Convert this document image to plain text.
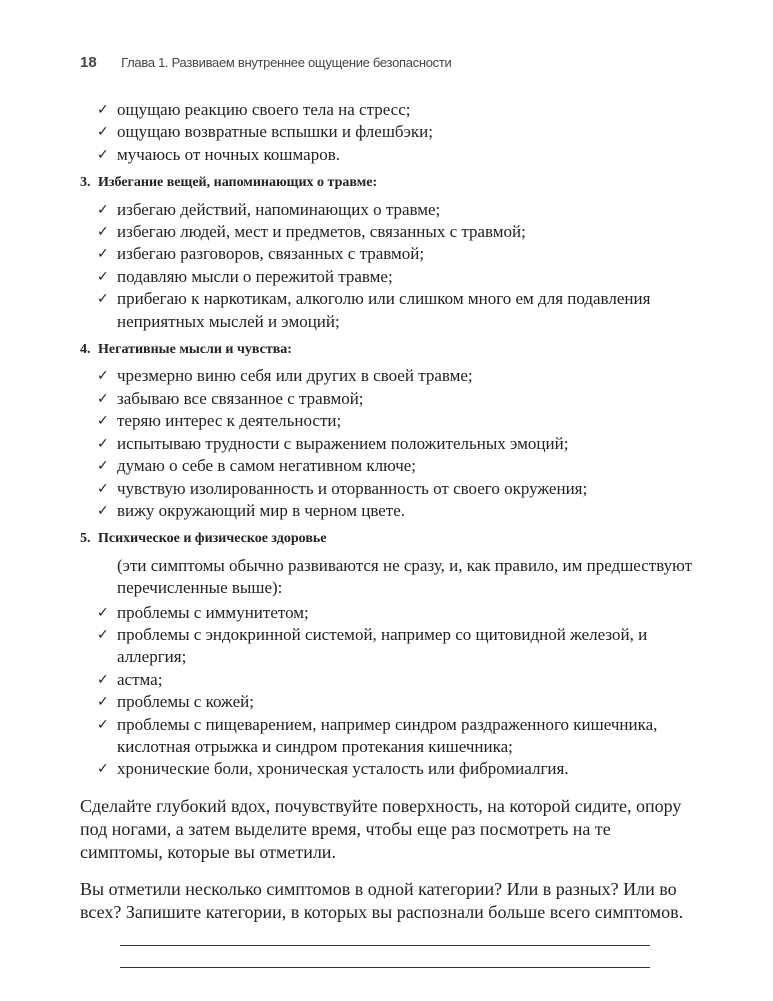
18 Глава 1. Развиваем внутреннее ощущение безопасности
✓ ощущаю реакцию своего тела на стресс;
✓ ощущаю возвратные вспышки и флешбэки;
✓ мучаюсь от ночных кошмаров.
3. Избегание вещей, напоминающих о травме:
✓ избегаю действий, напоминающих о травме;
✓ избегаю людей, мест и предметов, связанных с травмой;
✓ избегаю разговоров, связанных с травмой;
✓ подавляю мысли о пережитой травме;
✓ прибегаю к наркотикам, алкоголю или слишком много ем для подавления неприятных мыслей и эмоций;
4. Негативные мысли и чувства:
✓ чрезмерно виню себя или других в своей травме;
✓ забываю все связанное с травмой;
✓ теряю интерес к деятельности;
✓ испытываю трудности с выражением положительных эмоций;
✓ думаю о себе в самом негативном ключе;
✓ чувствую изолированность и оторванность от своего окружения;
✓ вижу окружающий мир в черном цвете.
5. Психическое и физическое здоровье
(эти симптомы обычно развиваются не сразу, и, как правило, им предшествуют перечисленные выше):
✓ проблемы с иммунитетом;
✓ проблемы с эндокринной системой, например со щитовидной железой, и аллергия;
✓ астма;
✓ проблемы с кожей;
✓ проблемы с пищеварением, например синдром раздраженного кишечника, кислотная отрыжка и синдром протекания кишечника;
✓ хронические боли, хроническая усталость или фибромиалгия.

Сделайте глубокий вдох, почувствуйте поверхность, на которой сидите, опору под ногами, а затем выделите время, чтобы еще раз посмотреть на те симптомы, которые вы отметили.

Вы отметили несколько симптомов в одной категории? Или в разных? Или во всех? Запишите категории, в которых вы распознали больше всего симптомов.
